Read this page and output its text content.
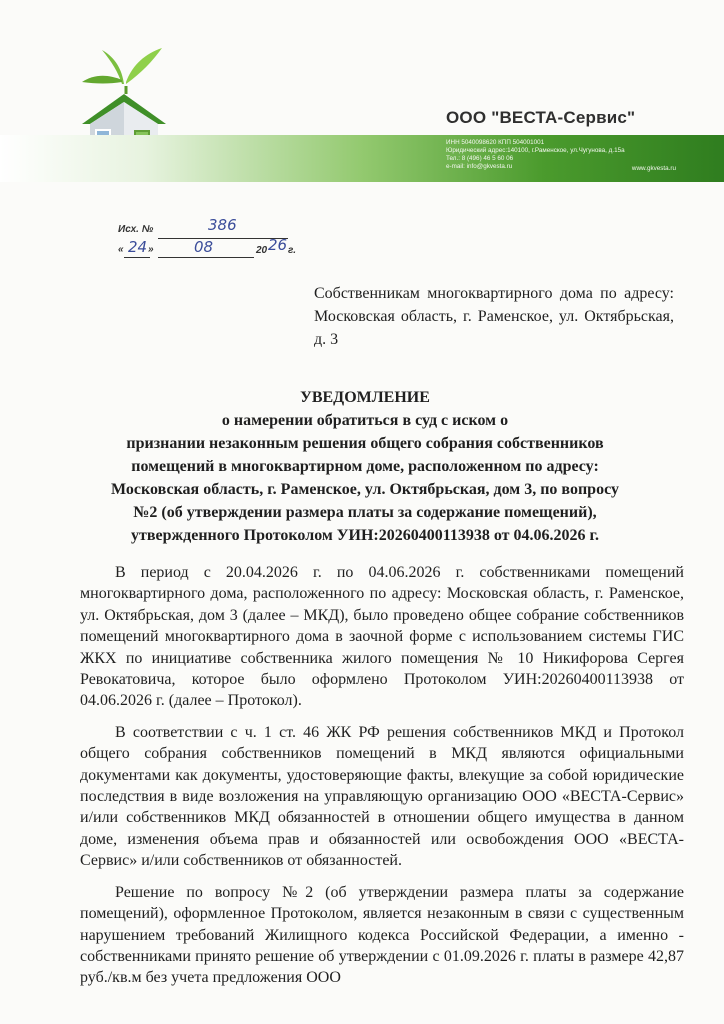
ООО "ВЕСТА-Сервис"
ИНН 5040098620 КПП 504001001
Юридический адрес:140100, г.Раменское, ул.Чугунова, д.15а
Тел.: 8 (496) 46 5 60 06
e-mail: info@gkvesta.ru	www.gkvesta.ru
Исх. №	386
« 24 »	08	20 26 г.
Собственникам многоквартирного дома по адресу: Московская область, г. Раменское, ул. Октябрьская, д. 3
УВЕДОМЛЕНИЕ
о намерении обратиться в суд с иском о
признании незаконным решения общего собрания собственников
помещений в многоквартирном доме, расположенном по адресу:
Московская область, г. Раменское, ул. Октябрьская, дом 3, по вопросу
№2 (об утверждении размера платы за содержание помещений),
утвержденного Протоколом УИН:20260400113938 от 04.06.2026 г.

В период с 20.04.2026 г. по 04.06.2026 г. собственниками помещений многоквартирного дома, расположенного по адресу: Московская область, г. Раменское, ул. Октябрьская, дом 3 (далее – МКД), было проведено общее собрание собственников помещений многоквартирного дома в заочной форме с использованием системы ГИС ЖКХ по инициативе собственника жилого помещения № 10 Никифорова Сергея Ревокатовича, которое было оформлено Протоколом УИН:20260400113938 от 04.06.2026 г. (далее – Протокол).

В соответствии с ч. 1 ст. 46 ЖК РФ решения собственников МКД и Протокол общего собрания собственников помещений в МКД являются официальными документами как документы, удостоверяющие факты, влекущие за собой юридические последствия в виде возложения на управляющую организацию ООО «ВЕСТА-Сервис» и/или собственников МКД обязанностей в отношении общего имущества в данном доме, изменения объема прав и обязанностей или освобождения ООО «ВЕСТА-Сервис» и/или собственников от обязанностей.

Решение по вопросу №2 (об утверждении размера платы за содержание помещений), оформленное Протоколом, является незаконным в связи с существенным нарушением требований Жилищного кодекса Российской Федерации, а именно - собственниками принято решение об утверждении с 01.09.2026 г. платы в размере 42,87 руб./кв.м без учета предложения ООО
